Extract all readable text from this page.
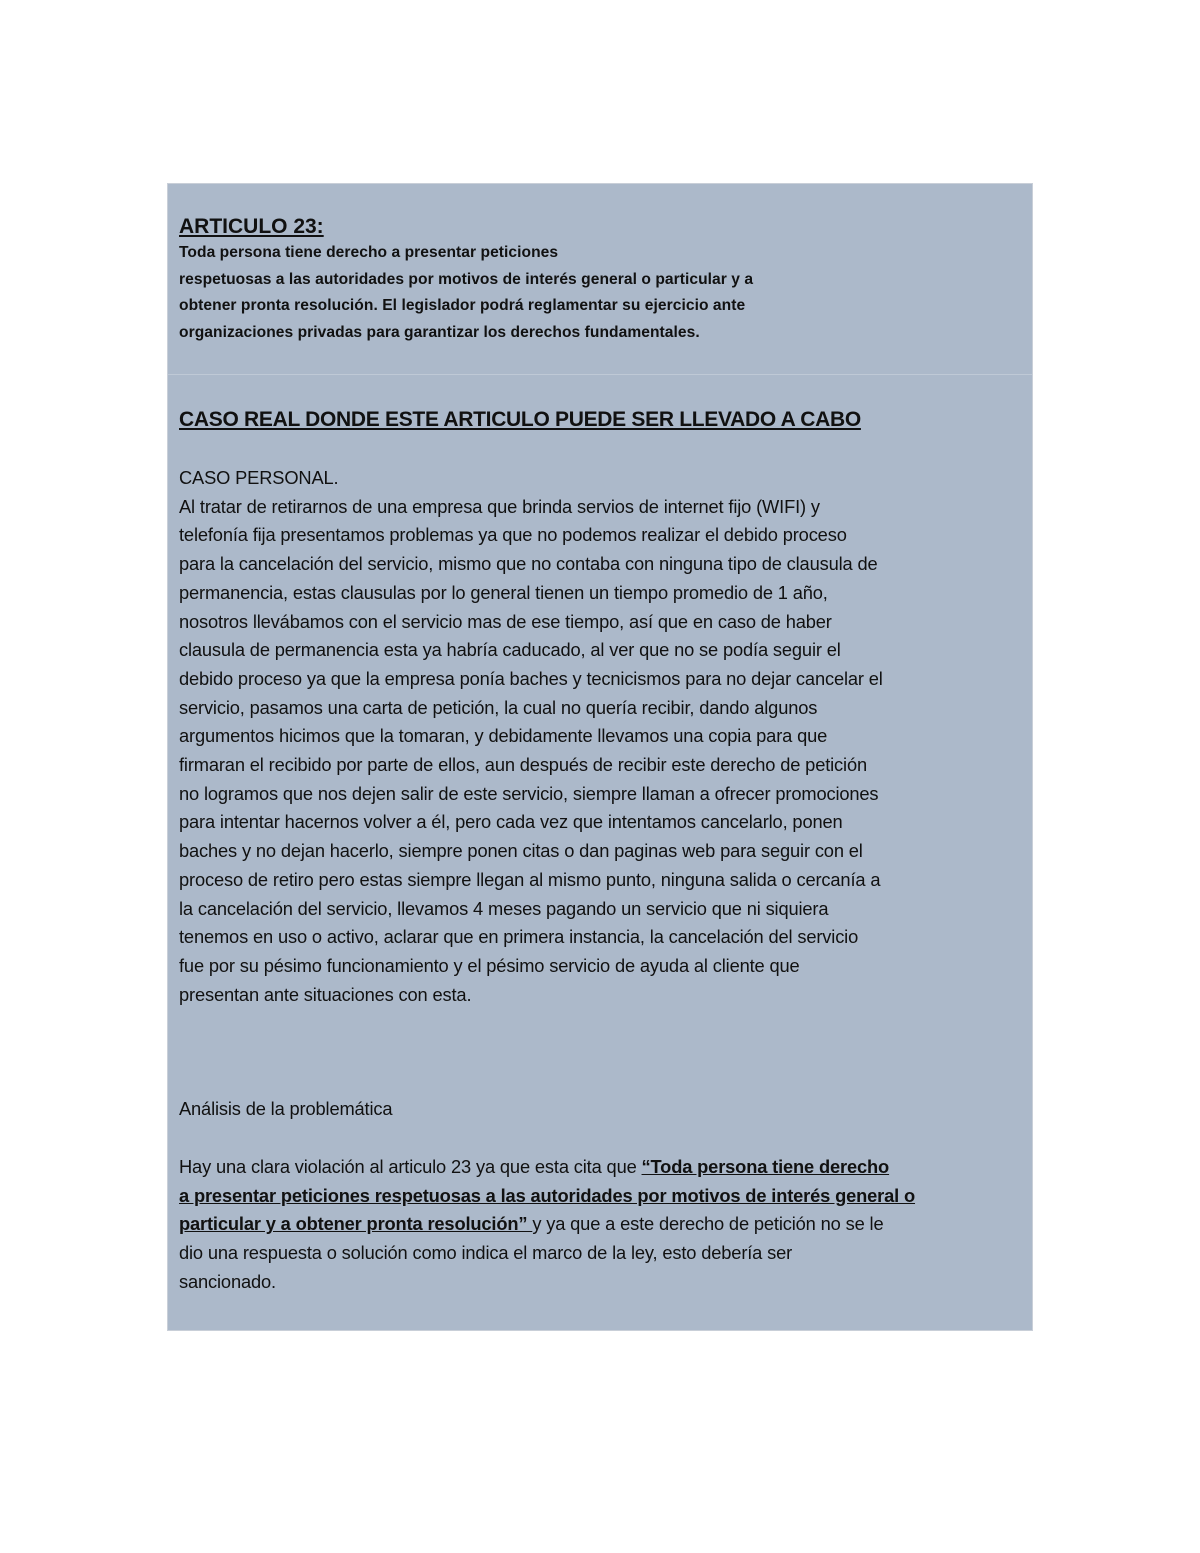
ARTICULO 23:
Toda persona tiene derecho a presentar peticiones
respetuosas a las autoridades por motivos de interés general o particular y a
obtener pronta resolución. El legislador podrá reglamentar su ejercicio ante
organizaciones privadas para garantizar los derechos fundamentales.
CASO REAL DONDE ESTE ARTICULO PUEDE SER LLEVADO A CABO
CASO PERSONAL.
Al tratar de retirarnos de una empresa que brinda servios de internet fijo (WIFI) y
telefonía fija presentamos problemas ya que no podemos realizar el debido proceso
para la cancelación del servicio, mismo que no contaba con ninguna tipo de clausula de
permanencia, estas clausulas por lo general tienen un tiempo promedio de 1 año,
nosotros llevábamos con el servicio mas de ese tiempo, así que en caso de haber
clausula de permanencia esta ya habría caducado, al ver que no se podía seguir el
debido proceso ya que la empresa ponía baches y tecnicismos para no dejar cancelar el
servicio, pasamos una carta de petición, la cual no quería recibir, dando algunos
argumentos hicimos que la tomaran, y debidamente llevamos una copia para que
firmaran el recibido por parte de ellos, aun después de recibir este derecho de petición
no logramos que nos dejen salir de este servicio, siempre llaman a ofrecer promociones
para intentar hacernos volver a él, pero cada vez que intentamos cancelarlo, ponen
baches y no dejan hacerlo, siempre ponen citas o dan paginas web para seguir con el
proceso de retiro pero estas siempre llegan al mismo punto, ninguna salida o cercanía a
la cancelación del servicio, llevamos 4 meses pagando un servicio que ni siquiera
tenemos en uso o activo, aclarar que en primera instancia, la cancelación del servicio
fue por su pésimo funcionamiento y el pésimo servicio de ayuda al cliente que
presentan ante situaciones con esta.
Análisis de la problemática
Hay una clara violación al articulo 23 ya que esta cita que “Toda persona tiene derecho
a presentar peticiones respetuosas a las autoridades por motivos de interés general o
particular y a obtener pronta resolución” y ya que a este derecho de petición no se le
dio una respuesta o solución como indica el marco de la ley, esto debería ser
sancionado.
